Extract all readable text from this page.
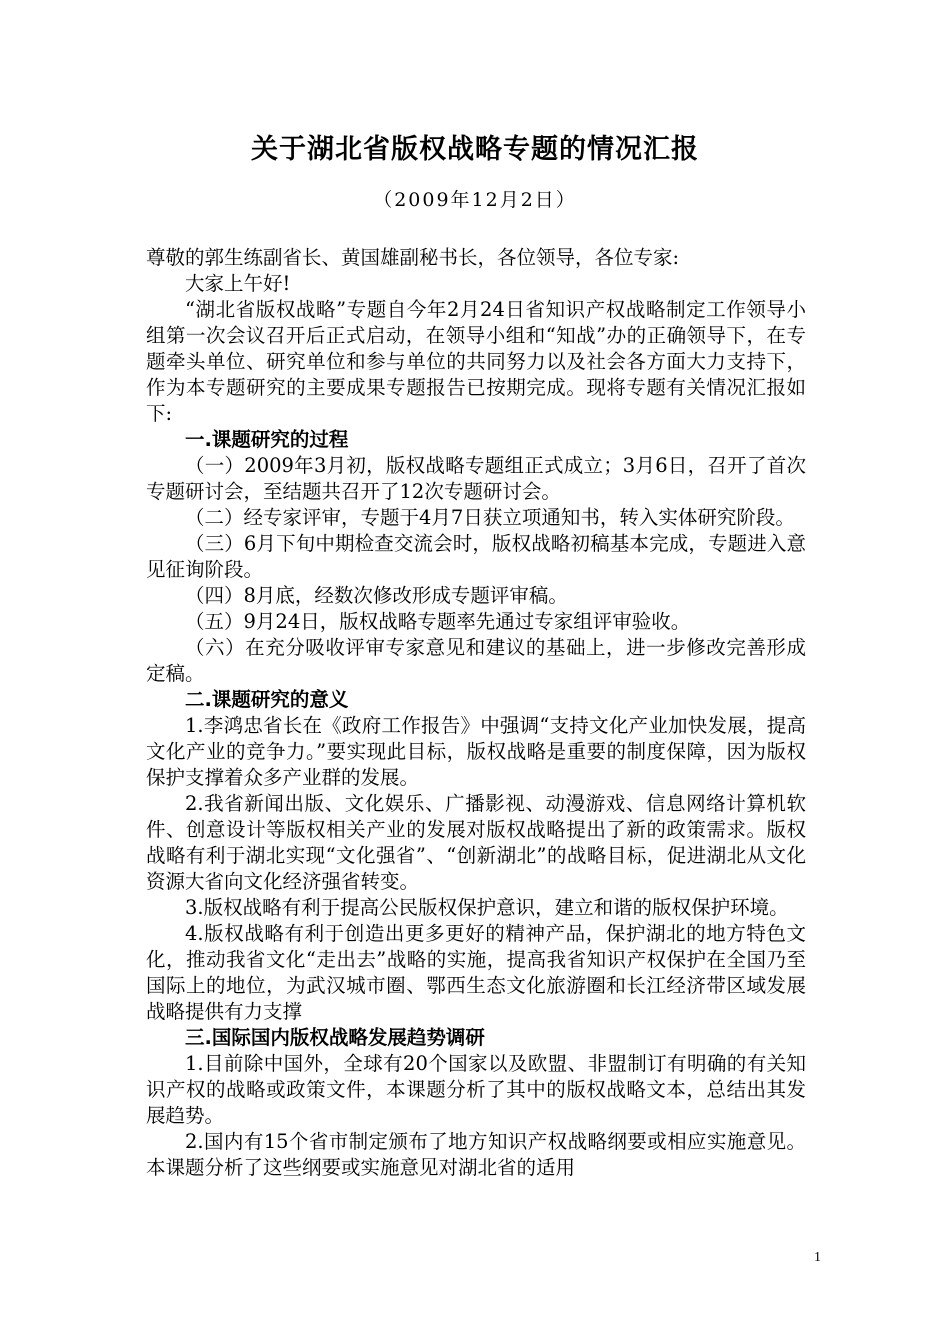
关于湖北省版权战略专题的情况汇报
（2009年12月2日）

尊敬的郭生练副省长、黄国雄副秘书长，各位领导，各位专家:

大家上午好!

“湖北省版权战略”专题自今年2月24日省知识产权战略制定工作领导小组第一次会议召开后正式启动，在领导小组和“知战”办的正确领导下，在专题牵头单位、研究单位和参与单位的共同努力以及社会各方面大力支持下，作为本专题研究的主要成果专题报告已按期完成。现将专题有关情况汇报如下:

一.课题研究的过程

（一）2009年3月初，版权战略专题组正式成立；3月6日，召开了首次专题研讨会，至结题共召开了12次专题研讨会。

（二）经专家评审，专题于4月7日获立项通知书，转入实体研究阶段。

（三）6月下旬中期检查交流会时，版权战略初稿基本完成，专题进入意见征询阶段。

（四）8月底，经数次修改形成专题评审稿。

（五）9月24日，版权战略专题率先通过专家组评审验收。

（六）在充分吸收评审专家意见和建议的基础上，进一步修改完善形成定稿。

二.课题研究的意义

1.李鸿忠省长在《政府工作报告》中强调“支持文化产业加快发展，提高文化产业的竞争力。”要实现此目标，版权战略是重要的制度保障，因为版权保护支撑着众多产业群的发展。

2.我省新闻出版、文化娱乐、广播影视、动漫游戏、信息网络计算机软件、创意设计等版权相关产业的发展对版权战略提出了新的政策需求。版权战略有利于湖北实现“文化强省”、“创新湖北”的战略目标，促进湖北从文化资源大省向文化经济强省转变。

3.版权战略有利于提高公民版权保护意识，建立和谐的版权保护环境。

4.版权战略有利于创造出更多更好的精神产品，保护湖北的地方特色文化，推动我省文化“走出去”战略的实施，提高我省知识产权保护在全国乃至国际上的地位，为武汉城市圈、鄂西生态文化旅游圈和长江经济带区域发展战略提供有力支撑

三.国际国内版权战略发展趋势调研

1.目前除中国外，全球有20个国家以及欧盟、非盟制订有明确的有关知识产权的战略或政策文件，本课题分析了其中的版权战略文本，总结出其发展趋势。

2.国内有15个省市制定颁布了地方知识产权战略纲要或相应实施意见。本课题分析了这些纲要或实施意见对湖北省的适用

1
